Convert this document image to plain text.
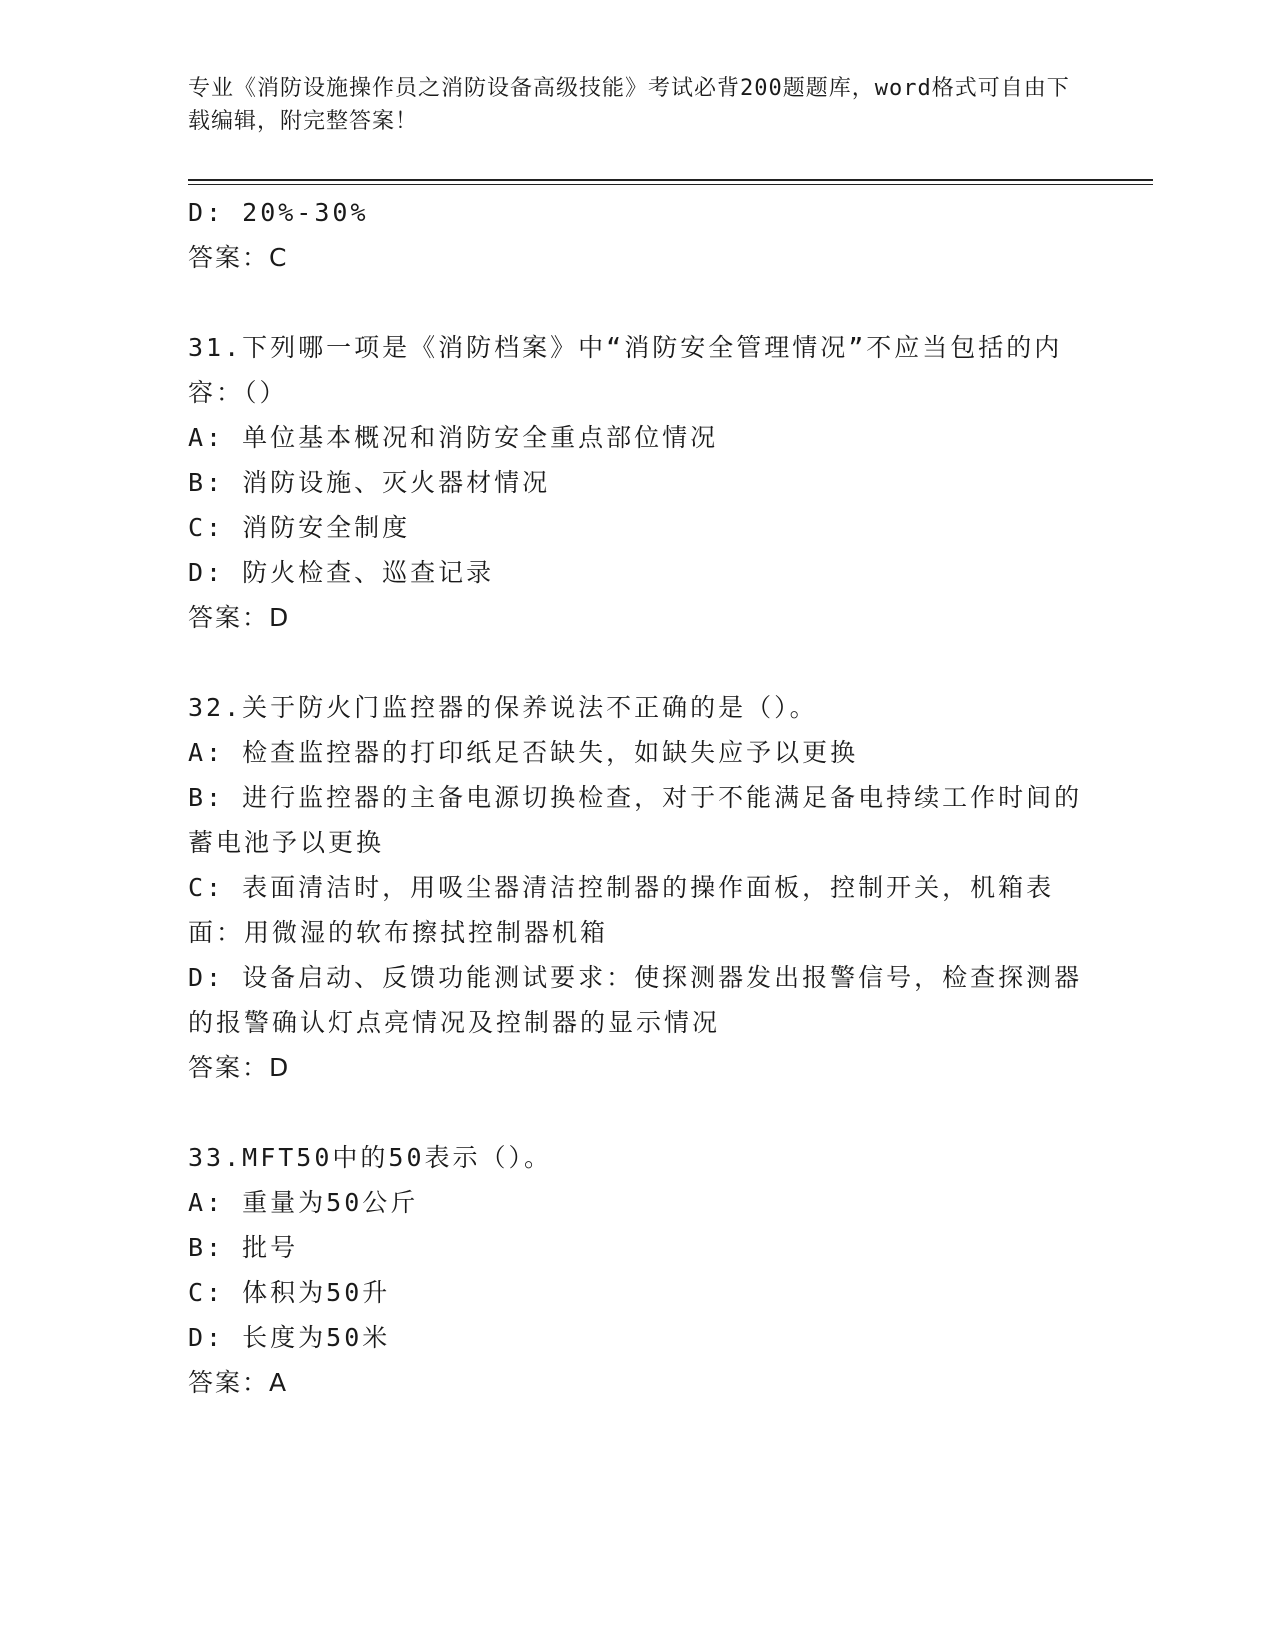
专业《消防设施操作员之消防设备高级技能》考试必背200题题库，word格式可自由下载编辑，附完整答案！

D: 20%-30%

答案：C

31.下列哪一项是《消防档案》中“消防安全管理情况”不应当包括的内容：（）

A: 单位基本概况和消防安全重点部位情况

B: 消防设施、灭火器材情况

C: 消防安全制度

D: 防火检查、巡查记录

答案：D

32.关于防火门监控器的保养说法不正确的是（）。

A: 检查监控器的打印纸足否缺失，如缺失应予以更换

B: 进行监控器的主备电源切换检查，对于不能满足备电持续工作时间的蓄电池予以更换

C: 表面清洁时，用吸尘器清洁控制器的操作面板，控制开关，机箱表面：用微湿的软布擦拭控制器机箱

D: 设备启动、反馈功能测试要求：使探测器发出报警信号，检查探测器的报警确认灯点亮情况及控制器的显示情况

答案：D

33.MFT50中的50表示（）。

A: 重量为50公斤

B: 批号

C: 体积为50升

D: 长度为50米

答案：A
